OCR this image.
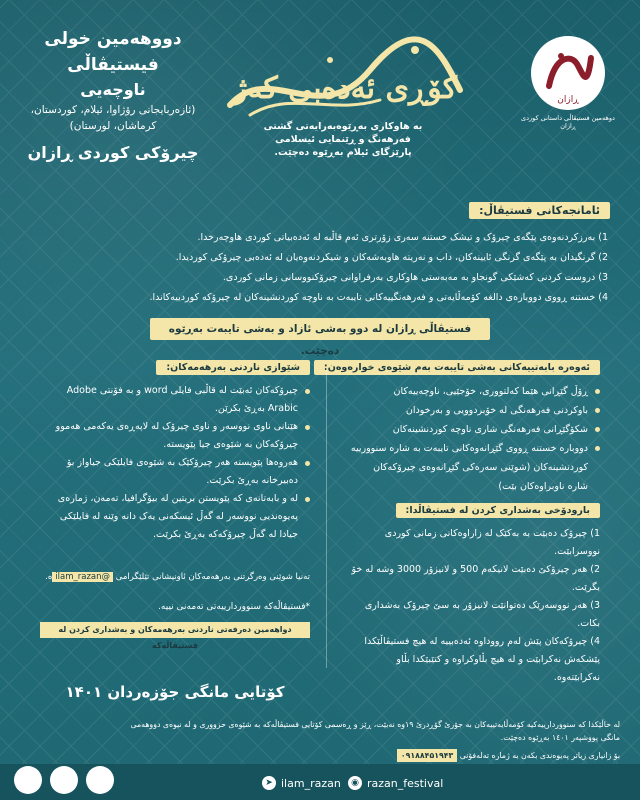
دووهەمین خولی
فیستیڤاڵی
ناوچەیی
(ئازەربایجانی رۆژاوا، ئیلام، کوردستان، کرماشان، لورستان)
چیرۆکی کوردی ڕازان
کۆڕی ئەدەبی کەژ
بە هاوکاری بەڕێوەبەرایەتی گشتی
فەرهەنگ و ڕێنمایی ئیسلامی
پارێزگای ئیلام بەڕێوە دەچێت.
ڕازان
دوهەمین فستیڤاڵی داستانی کوردی ڕازان
ئامانجەکانی فستیڤاڵ:
1) بەرزکردنەوەی پێگەی چیرۆک و تیشک خستنە سەری زۆرتری ئەم قاڵبە لە ئەدەبیاتی کوردی هاوچەرخدا.
2) گرنگیدان بە پێگەی گرنگی ئایینەکان، داب و نەریتە هاوبەشەکان و شیکردنەوەیان لە ئەدەبی چیرۆکی کوردیدا.
3) دروست کردنی کەشێکی گونجاو بە مەبەستی هاوکاری بەرفراوانی چیرۆکنووسانی زمانی کوردی.
4) خستنە ڕووی دووبارەی دالغە کۆمەڵایەتی و فەرهەنگییەکانی تایبەت بە ناوچە کوردنشینەکان لە چیرۆکە کوردییەکاندا.
فستیڤاڵی ڕازان لە دوو بەشی ئازاد و بەشی تایبەت بەڕێوە دەچێت.
ئەوەرە بابەتییەکانی بەشی تایبەت بەم شێوەی خوارەوەن:
ڕۆڵ گێڕانی هێما کەلتووری، خۆجێیی، ناوچەییەکان
باوکردنی فەرهەنگی لە خۆبردوویی و بەرخودان
شکۆگێڕانی فەرهەنگی شاری ناوچە کوردنشینەکان
دووبارە خستنە ڕووی گێڕانەوەکانی تایبەت بە شارە سنوورییە کوردنشینەکان (شوێنی سەرەکی گێڕانەوەی چیرۆکەکان شارە ناوبراوەکان بێت)
بارودۆخی بەشداری کردن لە فستیڤاڵدا:
1) چیرۆک دەبێت بە بەکێک لە زاراوەکانی زمانی کوردی نووسرابێت.
2) هەر چیرۆکێ دەبێت لانیکەم 500 و لانیزۆر 3000 وشە لە خۆ بگرێت.
3) هەر نووسەرێک دەتوانێت لانیزۆر بە سێ چیرۆک بەشداری بکات.
4) چیرۆکەکان پێش لەم رووداوە ئەدەبییە لە هیچ فستیڤاڵێکدا پێشکەش نەکرابێت و لە هیچ بڵاوکراوە و کتێبێکدا بڵاو نەکرابێتەوە.
شێوازی ناردنی بەرهەمەکان:
چیرۆکەکان ئەبێت لە قاڵبی فایلی word و بە فۆنتی Adobe Arabic بەڕێ بکرێن.
هێنانی ناوی نووسەر و ناوی چیرۆک لە لاپەڕەی یەکەمی هەموو چیرۆکەکان بە شێوەی جیا پێویستە.
هەروەها پێویستە هەر چیرۆکێک بە شێوەی فایلێکی جیاواز بۆ دەبیرخانە بەڕێ بکرێت.
لە و بابەتانەی کە پێویستن بریتین لە بیۆگرافیا، تەمەن، ژمارەی پەیوەندیی نووسەر لە گەڵ ئیسکەنی یەک دانە وێنە لە فایلێکی جیادا لە گەڵ چیرۆکەکە بەڕێ بکرێت.
تەنیا شوێنی وەرگرتنی بەرهەمەکان ئاونیشانی تێلێگرامی @ilam_razanە.
*فستیڤاڵەکە سنووردارییەتی تەمەنی نییە.
دواهەمین دەرفەتی ناردنی بەرهەمەکان و بەشداری کردن لە فستیڤاڵەکە
کۆتایی مانگی جۆزەردان ۱۴۰۱
لە حاڵێکدا کە سنووردارییەکیە کۆمەڵایەتییەکان بە جۆرێ گۆڕدرێ ١٩وە نەبێت، ڕێز و ڕەسمی کۆتایی فستیڤاڵەکە بە شێوەی حزووری و لە نیوەی دووهەمی مانگی پووشپەر ١٤٠١ بەڕێوە دەچێت.
بۆ زانیاری زیاتر پەیوەندی بکەن بە ژمارە تەلەفۆنی ۰۹۱۸۸۴۵۱۹۴۳
➤ ilam_razan	◉ razan_festival
